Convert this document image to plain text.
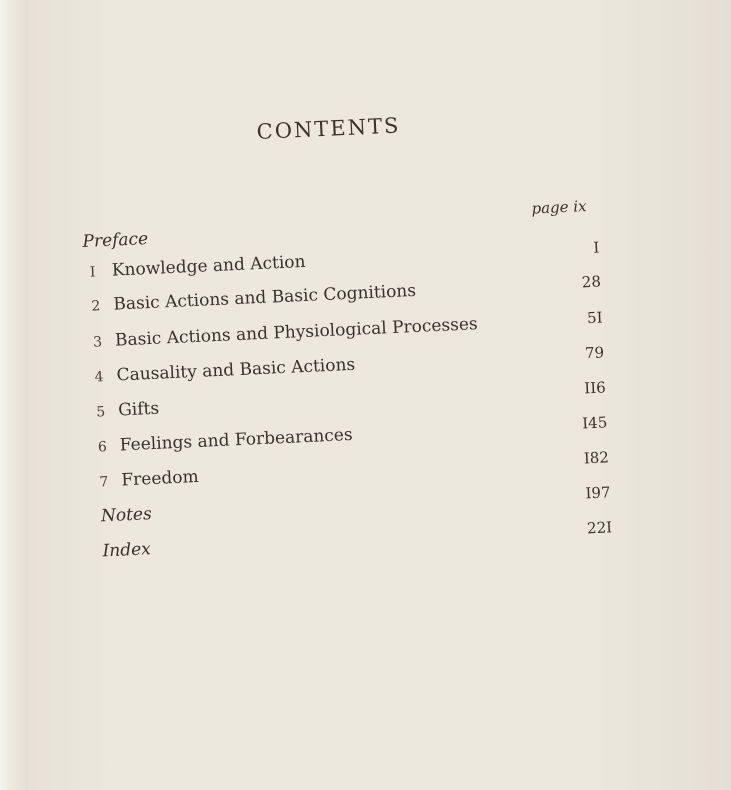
CONTENTS
page ix
Preface
I Knowledge and Action
I
2 Basic Actions and Basic Cognitions	28
3 Basic Actions and Physiological Processes	5I
4 Causality and Basic Actions
79
5 Gifts
II6
6 Feelings and Forbearances
I45
7 Freedom
I82
Notes
I97
Index
22I
